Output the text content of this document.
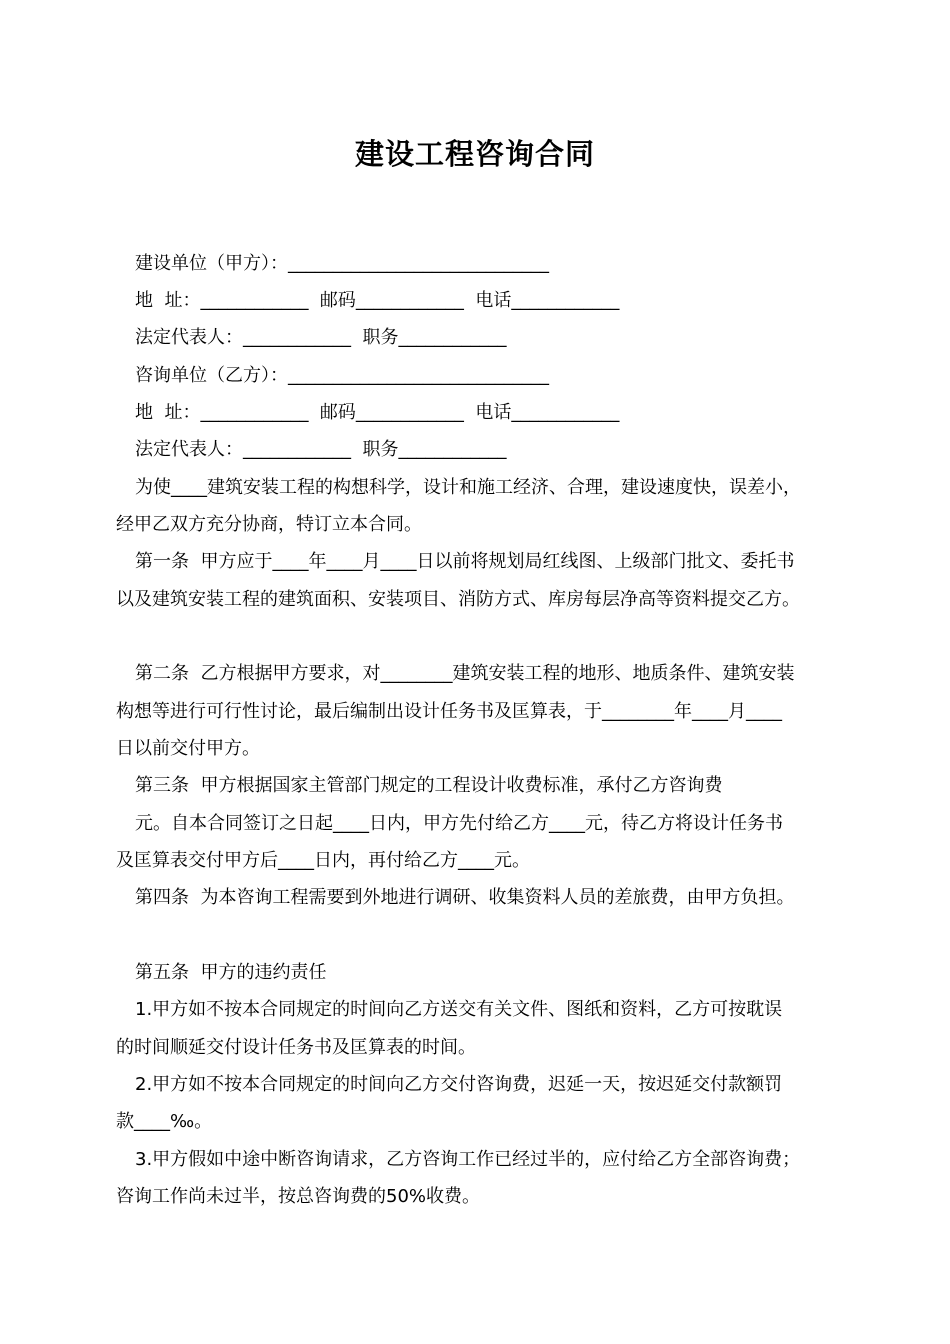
建设工程咨询合同
建设单位（甲方）：_____________________________
地  址：____________  邮码____________  电话____________
法定代表人：____________  职务____________
咨询单位（乙方）：_____________________________
地  址：____________  邮码____________  电话____________
法定代表人：____________  职务____________
为使____建筑安装工程的构想科学，设计和施工经济、合理，建设速度快，误差小，
经甲乙双方充分协商，特订立本合同。
第一条  甲方应于____年____月____日以前将规划局红线图、上级部门批文、委托书
以及建筑安装工程的建筑面积、安装项目、消防方式、库房每层净高等资料提交乙方。
第二条  乙方根据甲方要求，对________建筑安装工程的地形、地质条件、建筑安装
构想等进行可行性讨论，最后编制出设计任务书及匡算表，于________年____月____
日以前交付甲方。
第三条  甲方根据国家主管部门规定的工程设计收费标准，承付乙方咨询费
元。自本合同签订之日起____日内，甲方先付给乙方____元，待乙方将设计任务书
及匡算表交付甲方后____日内，再付给乙方____元。
第四条  为本咨询工程需要到外地进行调研、收集资料人员的差旅费，由甲方负担。
第五条  甲方的违约责任
1.甲方如不按本合同规定的时间向乙方送交有关文件、图纸和资料，乙方可按耽误
的时间顺延交付设计任务书及匡算表的时间。
2.甲方如不按本合同规定的时间向乙方交付咨询费，迟延一天，按迟延交付款额罚
款____‰。
3.甲方假如中途中断咨询请求，乙方咨询工作已经过半的，应付给乙方全部咨询费；
咨询工作尚未过半，按总咨询费的50%收费。
